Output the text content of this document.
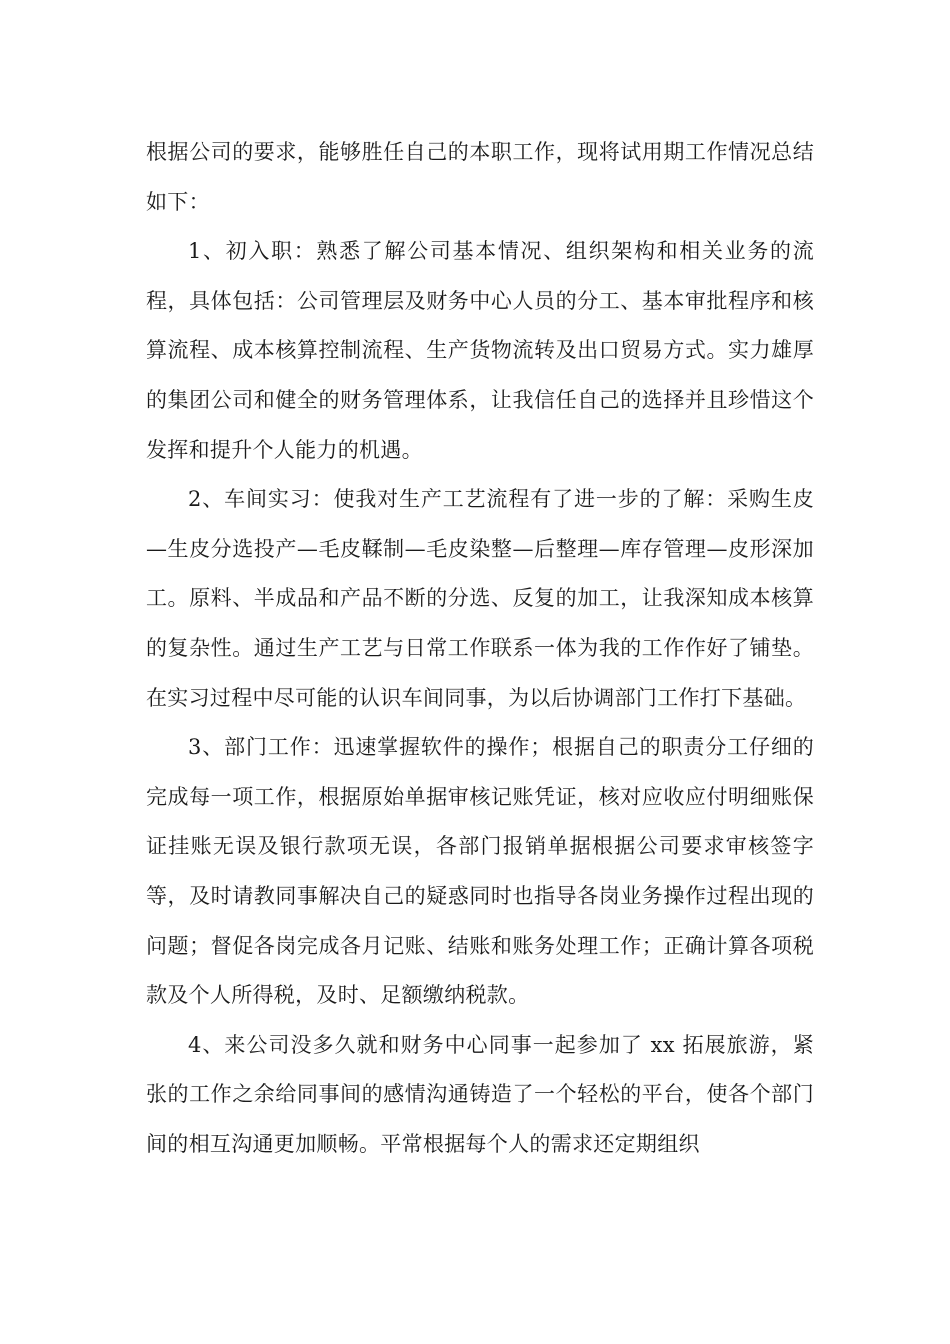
根据公司的要求，能够胜任自己的本职工作，现将试用期工作情况总结如下：

1、初入职：熟悉了解公司基本情况、组织架构和相关业务的流程，具体包括：公司管理层及财务中心人员的分工、基本审批程序和核算流程、成本核算控制流程、生产货物流转及出口贸易方式。实力雄厚的集团公司和健全的财务管理体系，让我信任自己的选择并且珍惜这个发挥和提升个人能力的机遇。

2、车间实习：使我对生产工艺流程有了进一步的了解：采购生皮—生皮分选投产—毛皮鞣制—毛皮染整—后整理—库存管理—皮形深加工。原料、半成品和产品不断的分选、反复的加工，让我深知成本核算的复杂性。通过生产工艺与日常工作联系一体为我的工作作好了铺垫。在实习过程中尽可能的认识车间同事，为以后协调部门工作打下基础。

3、部门工作：迅速掌握软件的操作；根据自己的职责分工仔细的完成每一项工作，根据原始单据审核记账凭证，核对应收应付明细账保证挂账无误及银行款项无误，各部门报销单据根据公司要求审核签字等，及时请教同事解决自己的疑惑同时也指导各岗业务操作过程出现的问题；督促各岗完成各月记账、结账和账务处理工作；正确计算各项税款及个人所得税，及时、足额缴纳税款。

4、来公司没多久就和财务中心同事一起参加了 xx 拓展旅游，紧张的工作之余给同事间的感情沟通铸造了一个轻松的平台，使各个部门间的相互沟通更加顺畅。平常根据每个人的需求还定期组织
